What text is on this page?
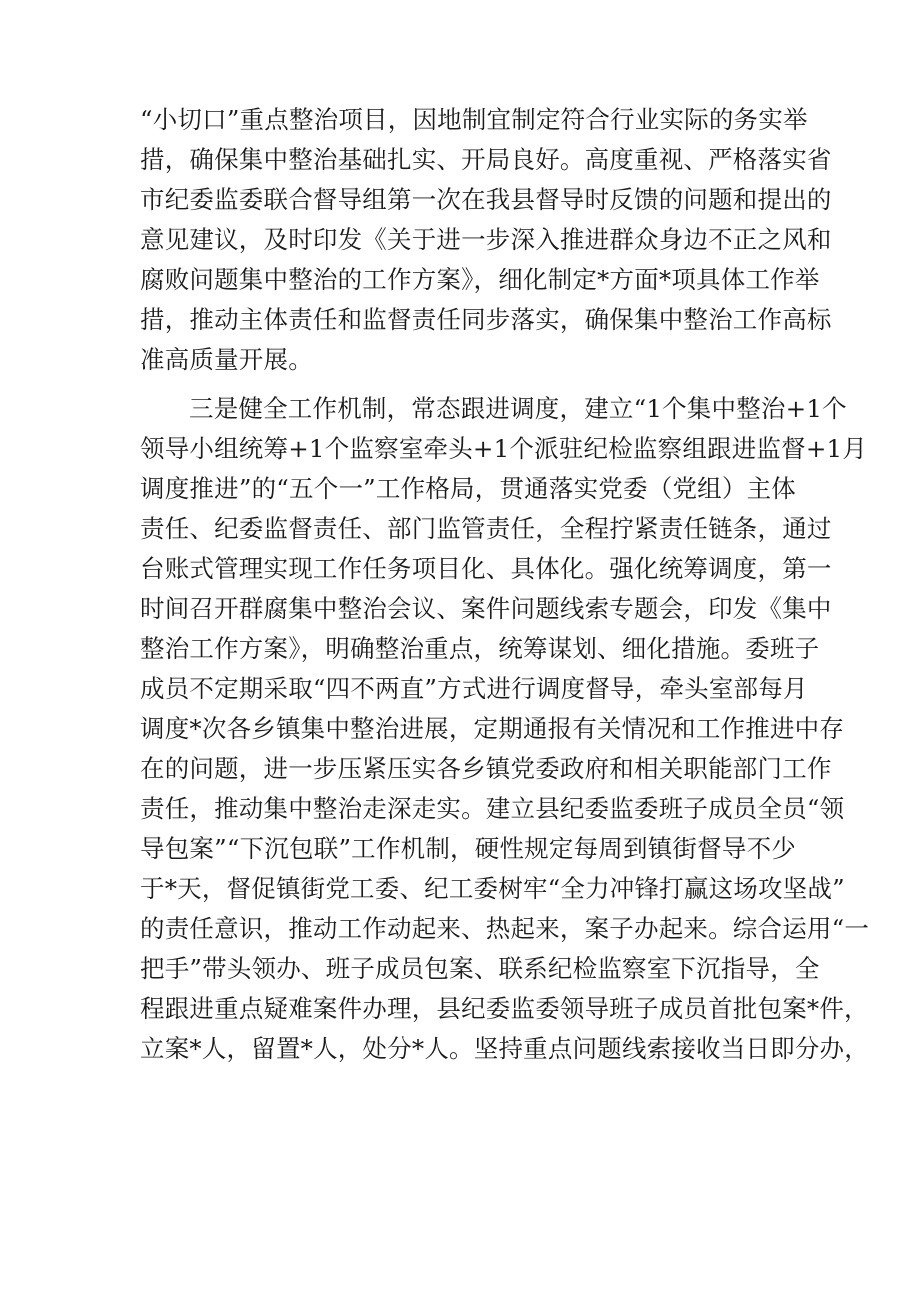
“小切口”重点整治项目，因地制宜制定符合行业实际的务实举
措，确保集中整治基础扎实、开局良好。高度重视、严格落实省
市纪委监委联合督导组第一次在我县督导时反馈的问题和提出的
意见建议，及时印发《关于进一步深入推进群众身边不正之风和
腐败问题集中整治的工作方案》，细化制定*方面*项具体工作举
措，推动主体责任和监督责任同步落实，确保集中整治工作高标
准高质量开展。
三是健全工作机制，常态跟进调度，建立“1个集中整治+1个
领导小组统筹+1个监察室牵头+1个派驻纪检监察组跟进监督+1月
调度推进”的“五个一”工作格局，贯通落实党委（党组）主体
责任、纪委监督责任、部门监管责任，全程拧紧责任链条，通过
台账式管理实现工作任务项目化、具体化。强化统筹调度，第一
时间召开群腐集中整治会议、案件问题线索专题会，印发《集中
整治工作方案》，明确整治重点，统筹谋划、细化措施。委班子
成员不定期采取“四不两直”方式进行调度督导，牵头室部每月
调度*次各乡镇集中整治进展，定期通报有关情况和工作推进中存
在的问题，进一步压紧压实各乡镇党委政府和相关职能部门工作
责任，推动集中整治走深走实。建立县纪委监委班子成员全员“领
导包案”“下沉包联”工作机制，硬性规定每周到镇街督导不少
于*天，督促镇街党工委、纪工委树牢“全力冲锋打赢这场攻坚战”
的责任意识，推动工作动起来、热起来，案子办起来。综合运用“一
把手”带头领办、班子成员包案、联系纪检监察室下沉指导，全
程跟进重点疑难案件办理，县纪委监委领导班子成员首批包案*件，
立案*人，留置*人，处分*人。坚持重点问题线索接收当日即分办，
